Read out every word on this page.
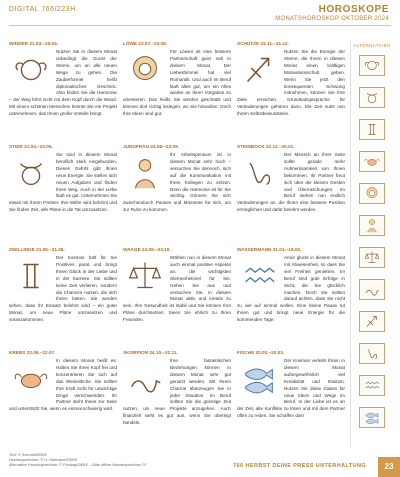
DIGITAL 766/223H	HOROSKOPE
MONATSHOROSKOP OKTOBER 2024
WIDDER 21.03.–20.04.
Nutzen Sie in diesem Monat unbedingt die Gunst der Sterne, um an alle neuen Wege zu gehen. Die Zauberformel heißt diplomatisches Geschick. Also finden Sie die Harmonie – der Weg führt nicht mit dem Kopf durch die Wand. Mit einem schönen Menschen könnte Sie ein Projekt unternehmen, das Ihnen große Vorteile bringt.
LÖWE 23.07.–23.08.
Für Löwen ist eine bessere Partnerschaft ganz nah in diesem Monat. Der Liebeshimmel hat viel Romantik. Und auch im Beruf läuft alles gut, um ein Alles wieder an Ihren Vorgaben zu orientieren. Das heißt, Sie werden geschätzt und können dort richtig loslegen, wo Sie hinwollen. Doch Ihre Ideen sind gut.
SCHÜTZE 23.11.–21.12.
Nutzen Sie die Energie der Sterne, die Ihnen in diesem Monat einen kräftigen Motivationsschub geben. Wenn Sie jetzt den konsequenten Schwung mitnehmen, können Sie Ihre Ziele erreichen. Grundsatzgespräche für Veränderungen gehören dazu. Die Zeit nutzt nun Ihrem Selbstbewusstsein.
STIER 21.04.–20.05.
Sie sind in diesem Monat beruflich stark eingebunden. Dieses Gefühl gibt Ihnen neue Energie. Sie stellen sich neuen Aufgaben und finden Ihren Weg. Auch in der Liebe läuft es gut. Unternehmen Sie etwas mit Ihrem Partner. Ihre Mühe wird belohnt und Sie finden Zeit, alle Pläne in die Tat umzusetzen.
JUNGFRAU 24.08.–23.09.
Ihr Arbeitspensum ist in diesem Monat sehr hoch – versuchen Sie dennoch, sich auf die Kommunikation mit Ihren Kollegen zu setzen. Denn die Harmonie ist für Sie wichtig. Gönnen Sie sich zwischendurch Pausen und Momente für sich, um zur Ruhe zu kommen.
STEINBOCK 22.12.–20.01.
Der Mensch an Ihrer Seite sollte gerade mehr Aufmerksamkeit von Ihnen bekommen. Ihr Partner freut sich über die kleinen Gesten und Überraschungen. Im Beruf stehen nun endlich Veränderungen an, die Ihnen eine bessere Position ermöglichen und dafür belohnt werden.
ZWILLINGE 21.05.–21.06.
Der Kosmos hält für Sie Positives parat und bringt Ihnen Glück in der Liebe und in der Karriere. Sie sollten keine Zeit verlieren, sondern die Chancen nutzen, die sich Ihnen bieten. Sie werden sehen, dass Ihr Einsatz belohnt wird – ein guter Monat, um neue Pläne umzusetzen und voranzukommen.
WAAGE 24.09.–23.10.
Wählen nun in diesem Monat auch einmal positive Aspekte an, die wichtigsten Sternenhimmel für Sie. Gehen Sie aus und versuchen Sie, in diesem Monat aktiv und kreativ zu sein. Ihre Gesundheit ist stabil und Sie können Ihre Pläne durchsetzen. Seien Sie ehrlich zu Ihren Freunden.
WASSERMANN 21.01.–19.02.
Amor glückt in diesem Monat mit Abwesenheit, so dass Sie viel Freiheit genießen. Im Beruf sind gute Erfolge in Sicht, die Sie glücklich machen. Doch Sie sollten darauf achten, dass Sie nicht zu viel auf einmal wollen. Eine kleine Pause tut Ihnen gut und bringt neue Energie für die kommenden Tage.
KREBS 22.06.–22.07.
In diesem Monat heißt es: Halten Sie Ihren Kopf frei und konzentrieren Sie sich auf das Wesentliche. Sie sollten Ihre Kraft nicht für unwichtige Dinge verschwenden. Ihr Partner steht Ihnen zur Seite und unterstützt Sie, wenn es einmal schwierig wird.
SKORPION 24.10.–22.11.
Ihre fantastischen Beziehungen können in diesem Monat sehr gut genutzt werden. Mit Ihrem Charme überzeugen Sie in jeder Situation. Im Beruf sollten Sie die günstige Zeit nutzen, um neue Projekte anzugehen. Auch finanziell sieht es gut aus, wenn Sie überlegt handeln.
FISCHE 20.02.–20.03.
Der Kosmos verleiht Ihnen in diesem Monat außergewöhnlich viel Kreativität und Intuition. Nutzen Sie diese Gaben für neue Ideen und Wege im Beruf. In der Liebe ist es an der Zeit, alte Konflikte zu lösen und mit dem Partner offen zu reden. Sie schaffen das!
ALTERNATIVEN
Text: © Schmidt/DEKE
Horoskopzeichen: © H. Hartmann/DEKE
Alternative Horoskopzeichen: © Pixabay/DEKE – Bitte offline Horoskopzeichen 07	766 HERBST DEINE PRESS UNTERHALTUNG	23
